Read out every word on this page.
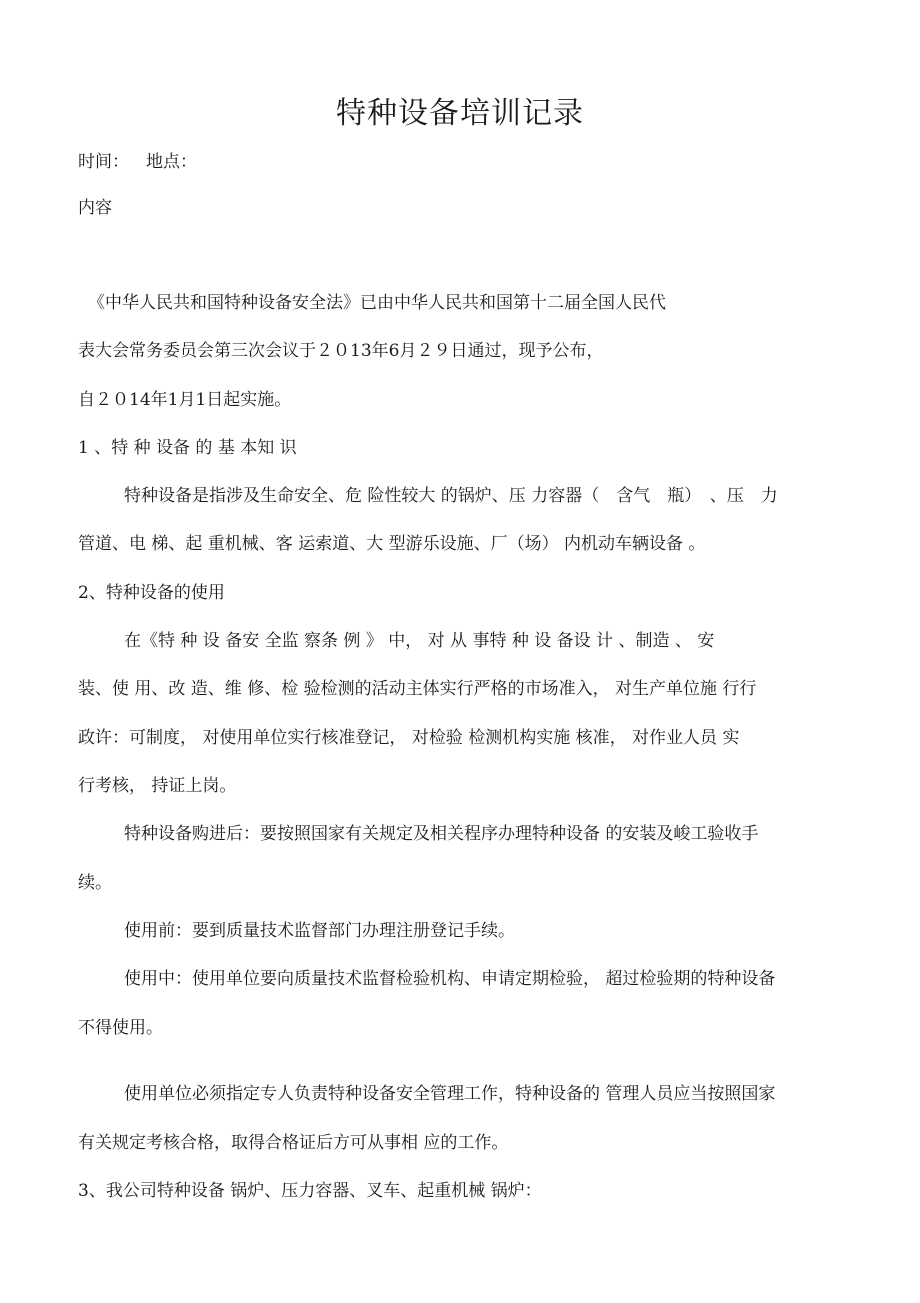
特种设备培训记录
时间： 地点：
内容
《中华人民共和国特种设备安全法》已由中华人民共和国第十二届全国人民代
表大会常务委员会第三次会议于２０13年6月２９日通过，现予公布，
自２０14年1月1日起实施。
1 、特 种 设备 的 基 本知 识
特种设备是指涉及生命安全、危 险性较大 的锅炉、压 力容器（　含气　瓶）　、压　力
管道、电 梯、起 重机械、客 运索道、大 型游乐设施、厂（场） 内机动车辆设备 。
2、特种设备的使用
在《特 种 设 备安 全监 察条 例 》 中， 对 从 事特 种 设 备设 计 、制造 、 安
装、使 用、改 造、维 修、检 验检测的活动主体实行严格的市场准入， 对生产单位施 行行
政许：可制度， 对使用单位实行核准登记， 对检验 检测机构实施 核准， 对作业人员 实
行考核， 持证上岗。
特种设备购进后：要按照国家有关规定及相关程序办理特种设备 的安装及峻工验收手
续。
使用前：要到质量技术监督部门办理注册登记手续。
使用中：使用单位要向质量技术监督检验机构、申请定期检验， 超过检验期的特种设备
不得使用。
使用单位必须指定专人负责特种设备安全管理工作，特种设备的 管理人员应当按照国家
有关规定考核合格，取得合格证后方可从事相 应的工作。
3、我公司特种设备 锅炉、压力容器、叉车、起重机械 锅炉：
